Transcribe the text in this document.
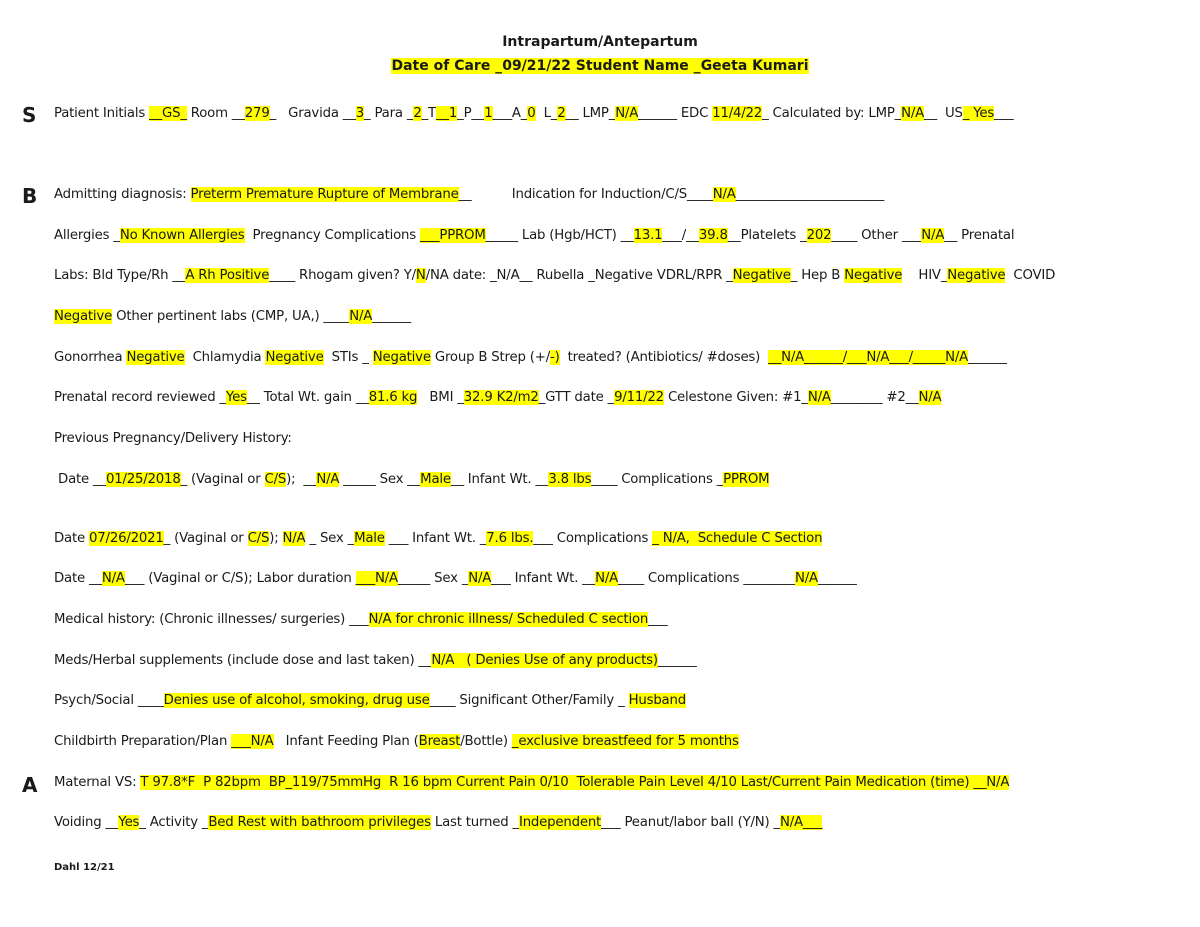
Intrapartum/Antepartum
Date of Care _09/21/22 Student Name _Geeta Kumari
S
B
A
Patient Initials __GS_ Room __279_   Gravida __3_ Para _2_T__1_P__1___A_0  L_2__ LMP_N/A______ EDC 11/4/22_ Calculated by: LMP_N/A__  US_ Yes___
Admitting diagnosis: Preterm Premature Rupture of Membrane__          Indication for Induction/C/S____N/A_______________________
Allergies _No Known Allergies  Pregnancy Complications ___PPROM_____ Lab (Hgb/HCT) __13.1___/__39.8__Platelets _202____ Other ___N/A__ Prenatal
Labs: Bld Type/Rh __A Rh Positive____ Rhogam given? Y/N/NA date: _N/A__ Rubella _Negative VDRL/RPR _Negative_ Hep B Negative    HIV_Negative  COVID
Negative Other pertinent labs (CMP, UA,) ____N/A______
Gonorrhea Negative  Chlamydia Negative  STIs _ Negative Group B Strep (+/-)  treated? (Antibiotics/ #doses)  __N/A______/___N/A___/_____N/A______
Prenatal record reviewed _Yes__ Total Wt. gain __81.6 kg   BMI _32.9 K2/m2_GTT date _9/11/22 Celestone Given: #1_N/A________ #2__N/A
Previous Pregnancy/Delivery History:
Date __01/25/2018_ (Vaginal or C/S);  __N/A _____ Sex __Male__ Infant Wt. __3.8 lbs____ Complications _PPROM
Date 07/26/2021_ (Vaginal or C/S); N/A _ Sex _Male ___ Infant Wt. _7.6 lbs.___ Complications _ N/A,  Schedule C Section
Date __N/A___ (Vaginal or C/S); Labor duration ___N/A_____ Sex _N/A___ Infant Wt. __N/A____ Complications ________N/A______
Medical history: (Chronic illnesses/ surgeries) ___N/A for chronic illness/ Scheduled C section___
Meds/Herbal supplements (include dose and last taken) __N/A   ( Denies Use of any products)______
Psych/Social ____Denies use of alcohol, smoking, drug use____ Significant Other/Family _ Husband
Childbirth Preparation/Plan ___N/A   Infant Feeding Plan (Breast/Bottle) _exclusive breastfeed for 5 months
Maternal VS: T 97.8*F  P 82bpm  BP_119/75mmHg  R 16 bpm Current Pain 0/10  Tolerable Pain Level 4/10 Last/Current Pain Medication (time) __N/A
Voiding __Yes_ Activity _Bed Rest with bathroom privileges Last turned _Independent___ Peanut/labor ball (Y/N) _N/A___
Dahl 12/21
